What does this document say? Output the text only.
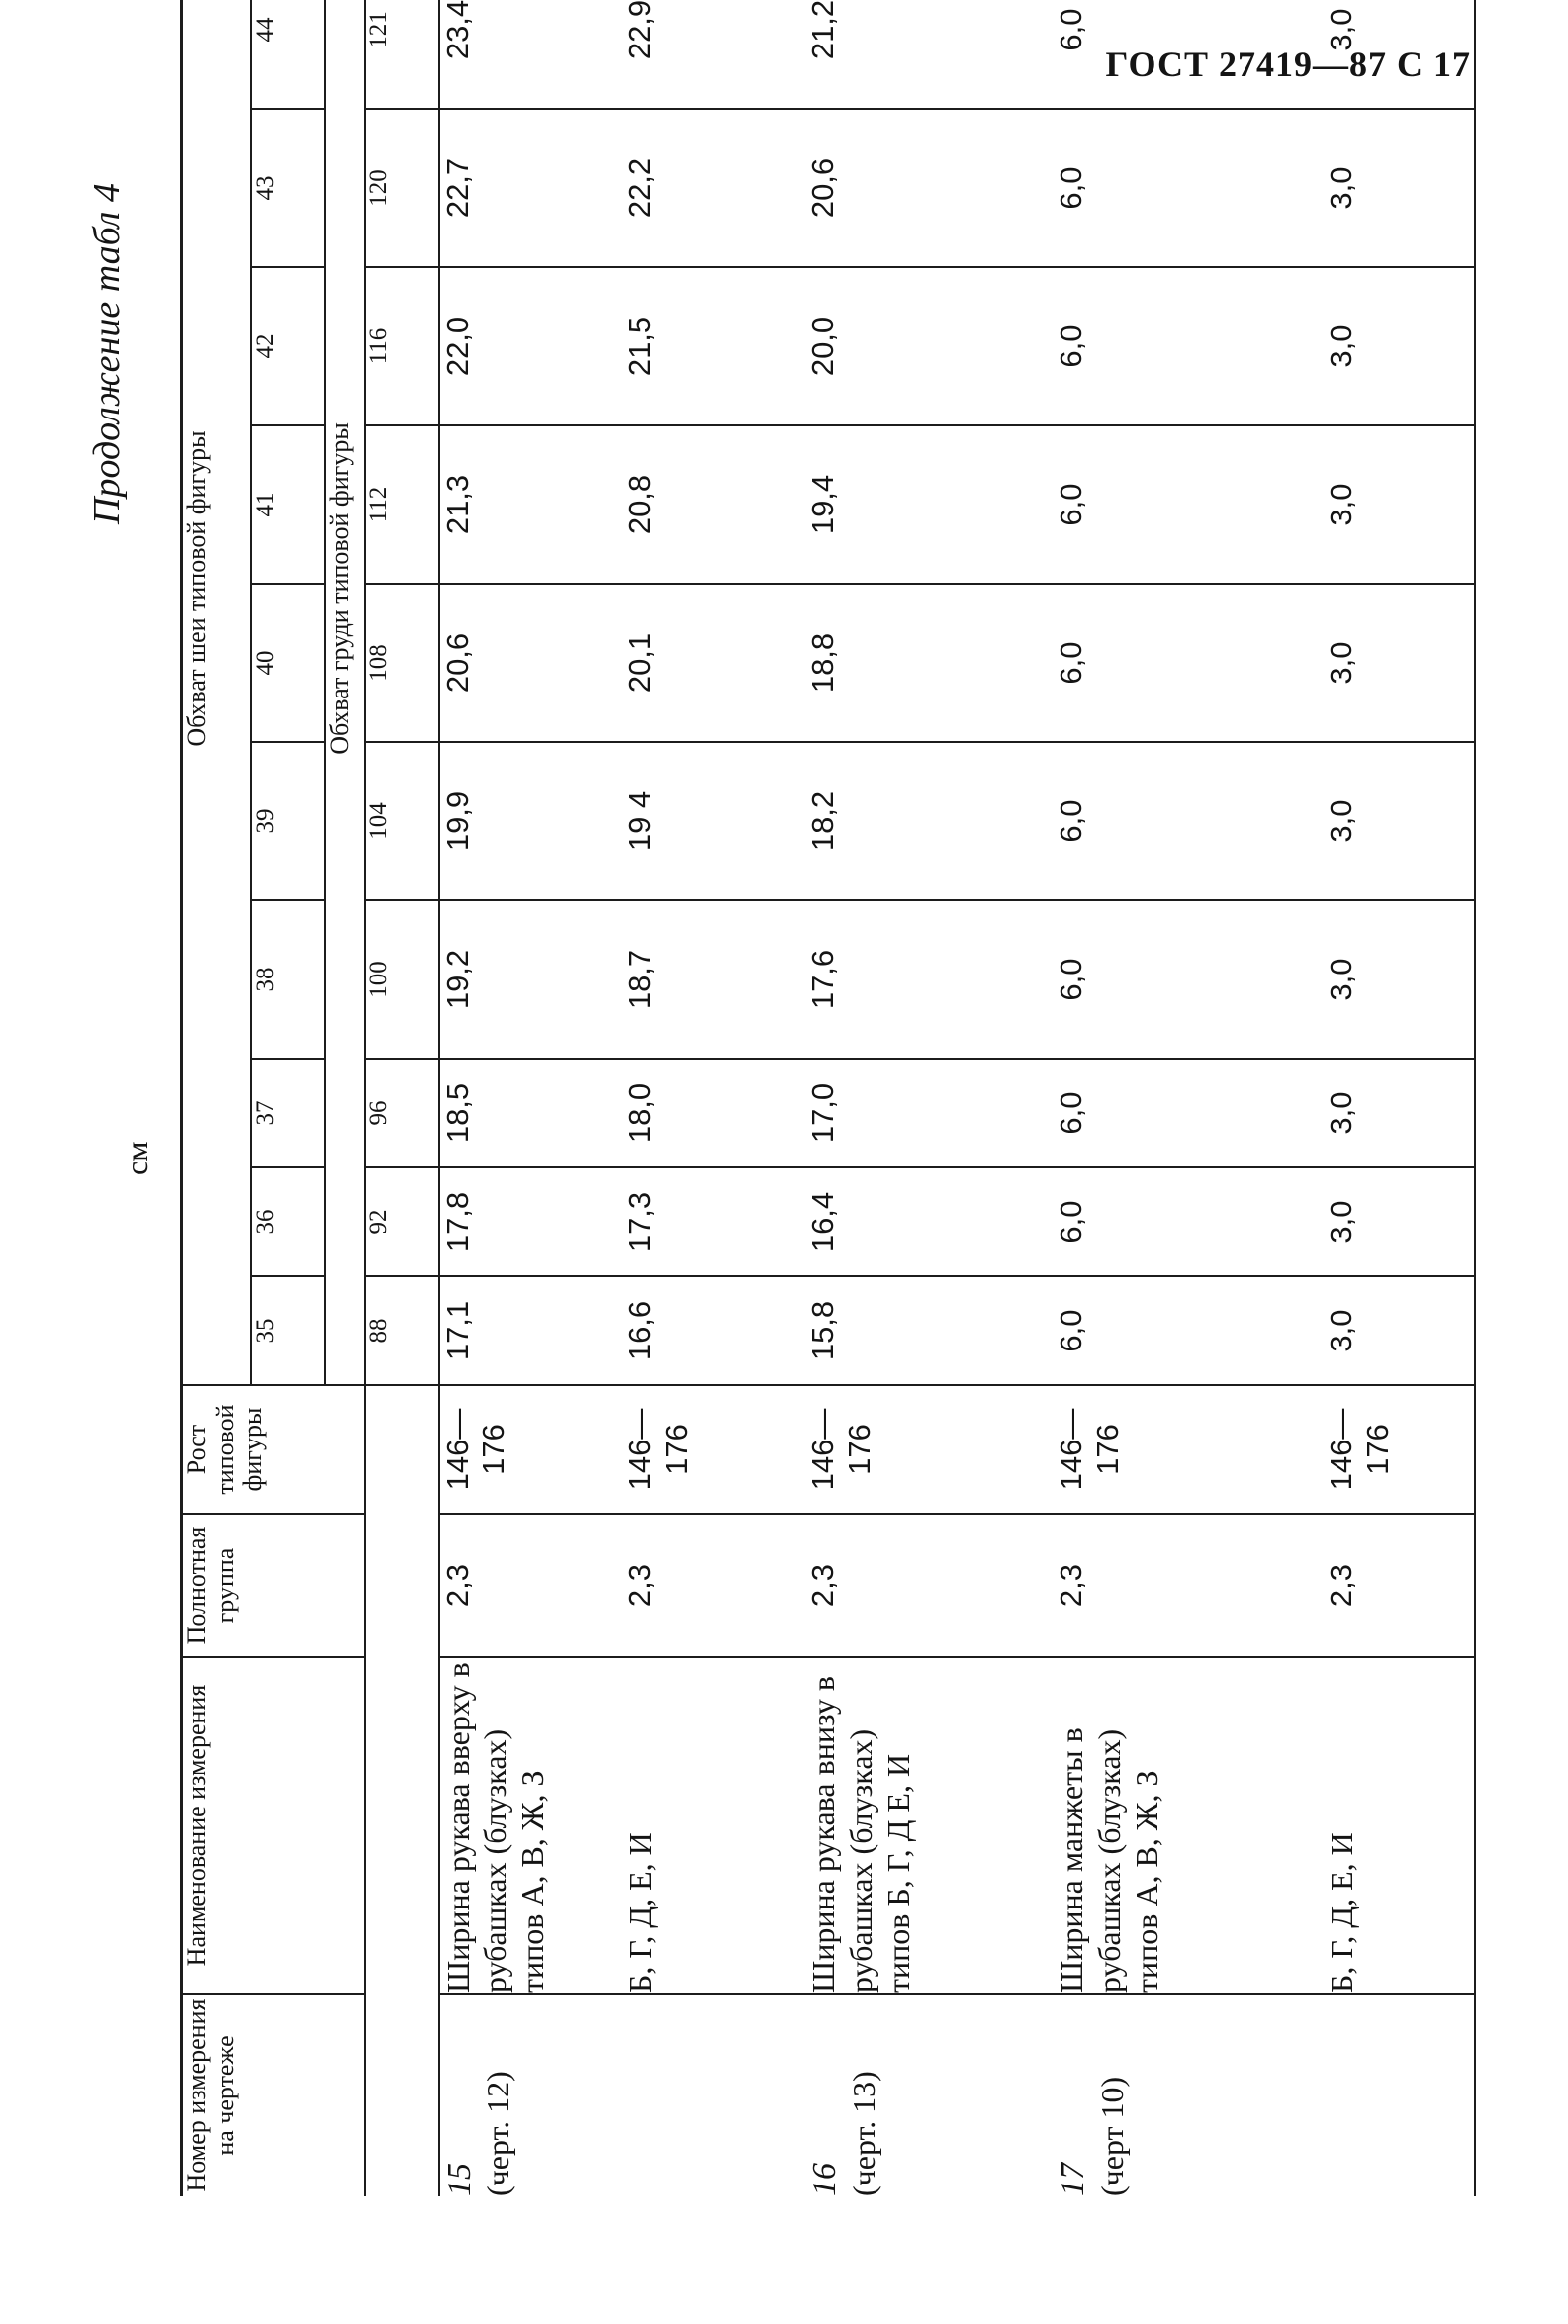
ГОСТ 27419—87 С 17
см
Продолжение табл 4
Номер измерения на чертеже	Наименование измерения	Полнотная группа	Рост типовой фигуры	Обхват шеи типовой фигуры	
				35	36	37	38	39	40	41	42	43	44	
				Обхват груди типовой фигуры											

				88	92	96	100	104	108	112	116	120	121	

15 (черт. 12)	Ширина рукава вверху в рубашках (блузках) типов А, В, Ж, З	2,3	146—176	17,1	17,8	18,5	19,2	19,9	20,6	21,3	22,0	22,7	23,4		

	Б, Г, Д, Е, И	2,3	146—176	16,6	17,3	18,0	18,7	19 4	20,1	20,8	21,5	22,2	22,9		

16 (черт. 13)	Ширина рукава внизу в рубашках (блузках) типов Б, Г, Д Е, И	2,3	146—176	15,8	16,4	17,0	17,6	18,2	18,8	19,4	20,0	20,6	21,2		

17 (черт 10)	Ширина манжеты в рубашках (блузках) типов А, В, Ж, З	2,3	146—176	6,0	6,0	6,0	6,0	6,0	6,0	6,0	6,0	6,0	6,0		

	Б, Г, Д, Е, И	2,3	146—176	3,0	3,0	3,0	3,0	3,0	3,0	3,0	3,0	3,0	3,0		
